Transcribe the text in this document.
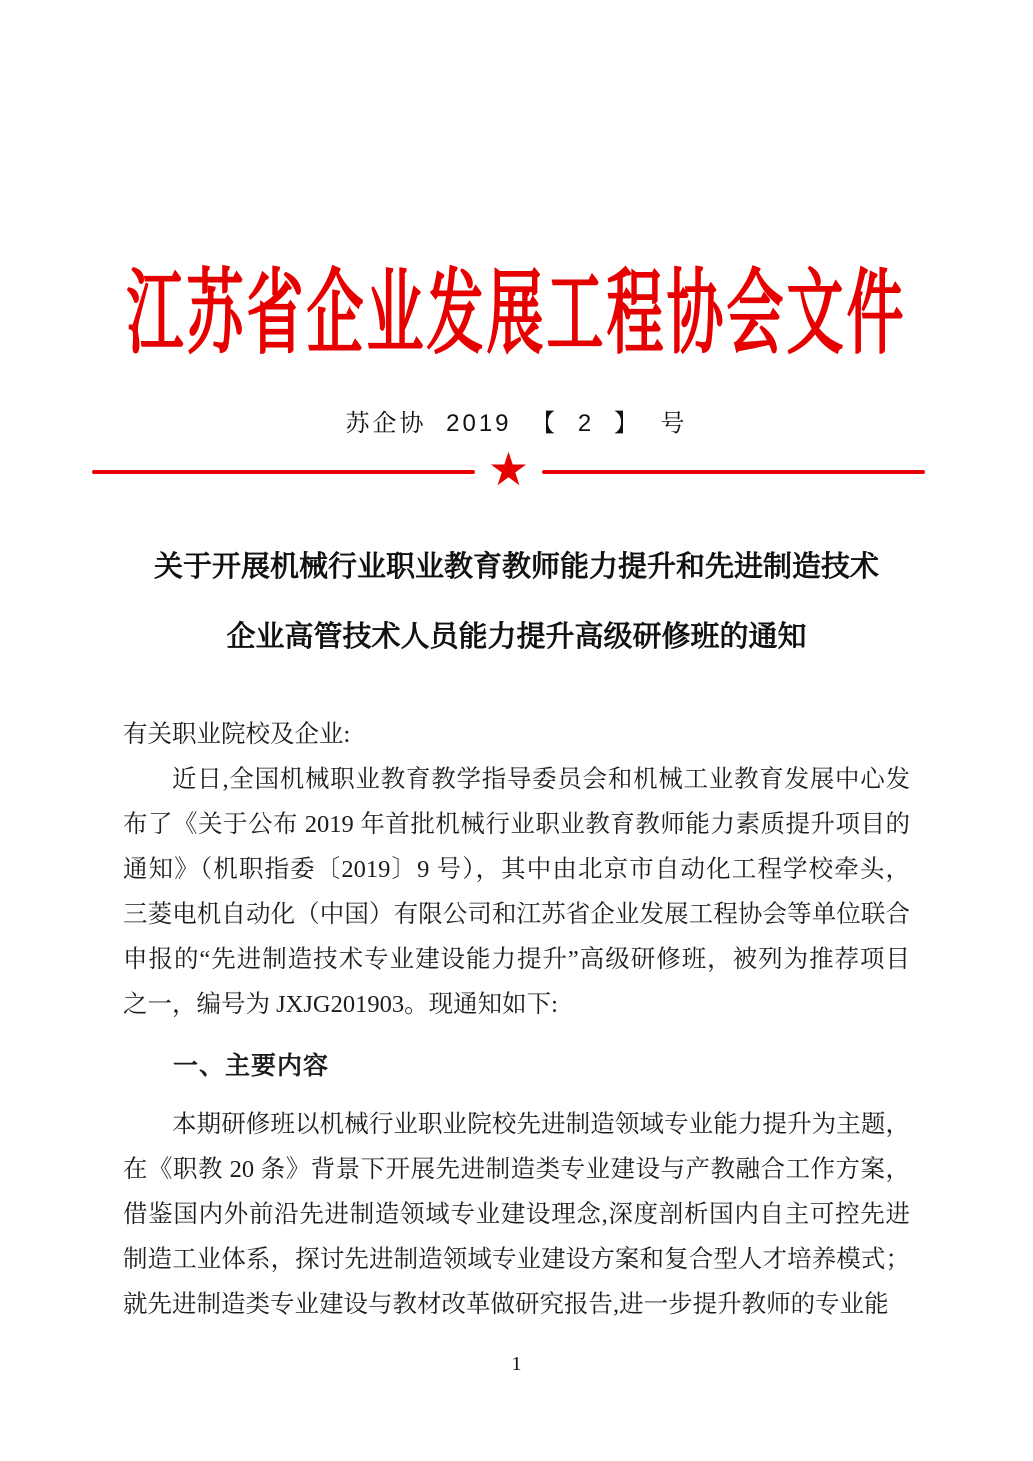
江苏省企业发展工程协会文件
苏企协 2019 【 2 】 号
★
关于开展机械行业职业教育教师能力提升和先进制造技术
企业高管技术人员能力提升高级研修班的通知
有关职业院校及企业:
近日,全国机械职业教育教学指导委员会和机械工业教育发展中心发
布了《关于公布 2019 年首批机械行业职业教育教师能力素质提升项目的
通知》（机职指委〔2019〕9 号），其中由北京市自动化工程学校牵头，
三菱电机自动化（中国）有限公司和江苏省企业发展工程协会等单位联合
申报的“先进制造技术专业建设能力提升”高级研修班，被列为推荐项目
之一，编号为 JXJG201903。现通知如下:
一、主要内容
本期研修班以机械行业职业院校先进制造领域专业能力提升为主题，
在《职教 20 条》背景下开展先进制造类专业建设与产教融合工作方案，
借鉴国内外前沿先进制造领域专业建设理念,深度剖析国内自主可控先进
制造工业体系，探讨先进制造领域专业建设方案和复合型人才培养模式；
就先进制造类专业建设与教材改革做研究报告,进一步提升教师的专业能
1
